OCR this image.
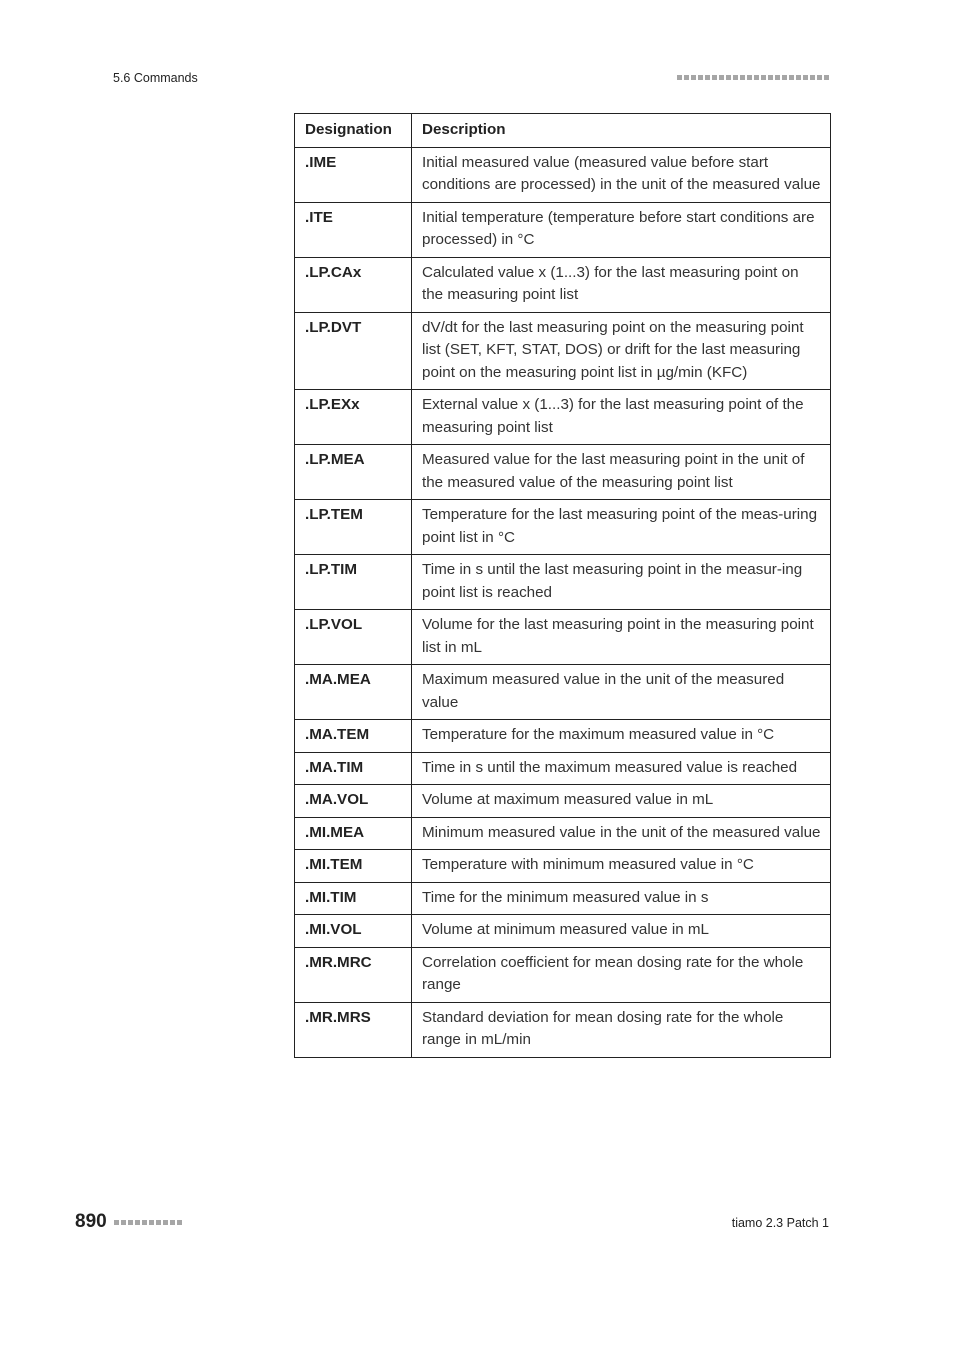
5.6 Commands
Designation	Description
.IME	Initial measured value (measured value before start conditions are processed) in the unit of the measured value
.ITE	Initial temperature (temperature before start conditions are processed) in °C
.LP.CAx	Calculated value x (1...3) for the last measuring point on the measuring point list
.LP.DVT	dV/dt for the last measuring point on the measuring point list (SET, KFT, STAT, DOS) or drift for the last measuring point on the measuring point list in µg/min (KFC)
.LP.EXx	External value x (1...3) for the last measuring point of the measuring point list
.LP.MEA	Measured value for the last measuring point in the unit of the measured value of the measuring point list
.LP.TEM	Temperature for the last measuring point of the meas-uring point list in °C
.LP.TIM	Time in s until the last measuring point in the measur-ing point list is reached
.LP.VOL	Volume for the last measuring point in the measuring point list in mL
.MA.MEA	Maximum measured value in the unit of the measured value
.MA.TEM	Temperature for the maximum measured value in °C
.MA.TIM	Time in s until the maximum measured value is reached
.MA.VOL	Volume at maximum measured value in mL
.MI.MEA	Minimum measured value in the unit of the measured value
.MI.TEM	Temperature with minimum measured value in °C
.MI.TIM	Time for the minimum measured value in s
.MI.VOL	Volume at minimum measured value in mL
.MR.MRC	Correlation coefficient for mean dosing rate for the whole range
.MR.MRS	Standard deviation for mean dosing rate for the whole range in mL/min
890	tiamo 2.3 Patch 1
